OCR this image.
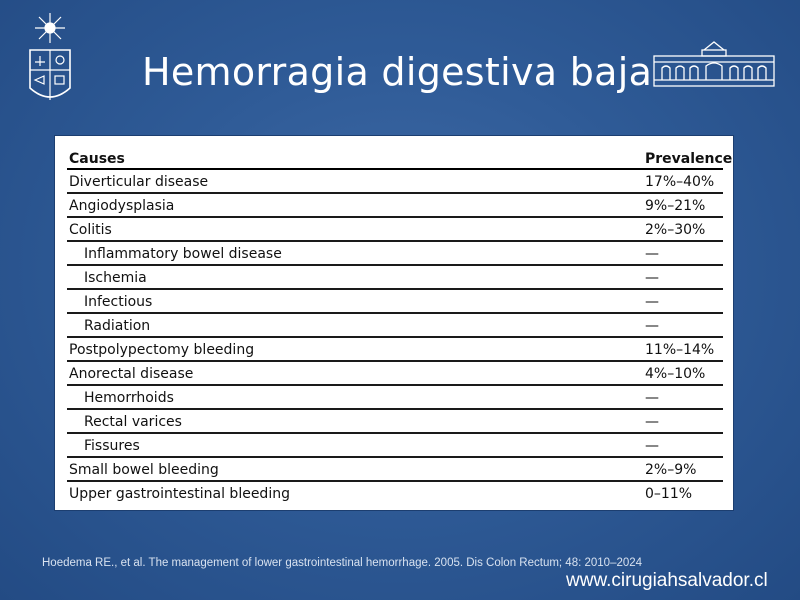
Hemorragia digestiva baja
Causes	Prevalence
Diverticular disease	17%–40%
Angiodysplasia	9%–21%
Colitis	2%–30%
Inflammatory bowel disease	—
Ischemia	—
Infectious	—
Radiation	—
Postpolypectomy bleeding	11%–14%
Anorectal disease	4%–10%
Hemorrhoids	—
Rectal varices	—
Fissures	—
Small bowel bleeding	2%–9%
Upper gastrointestinal bleeding	0–11%
Hoedema RE., et al. The management of lower gastrointestinal hemorrhage. 2005. Dis Colon Rectum; 48: 2010–2024
www.cirugiahsalvador.cl
